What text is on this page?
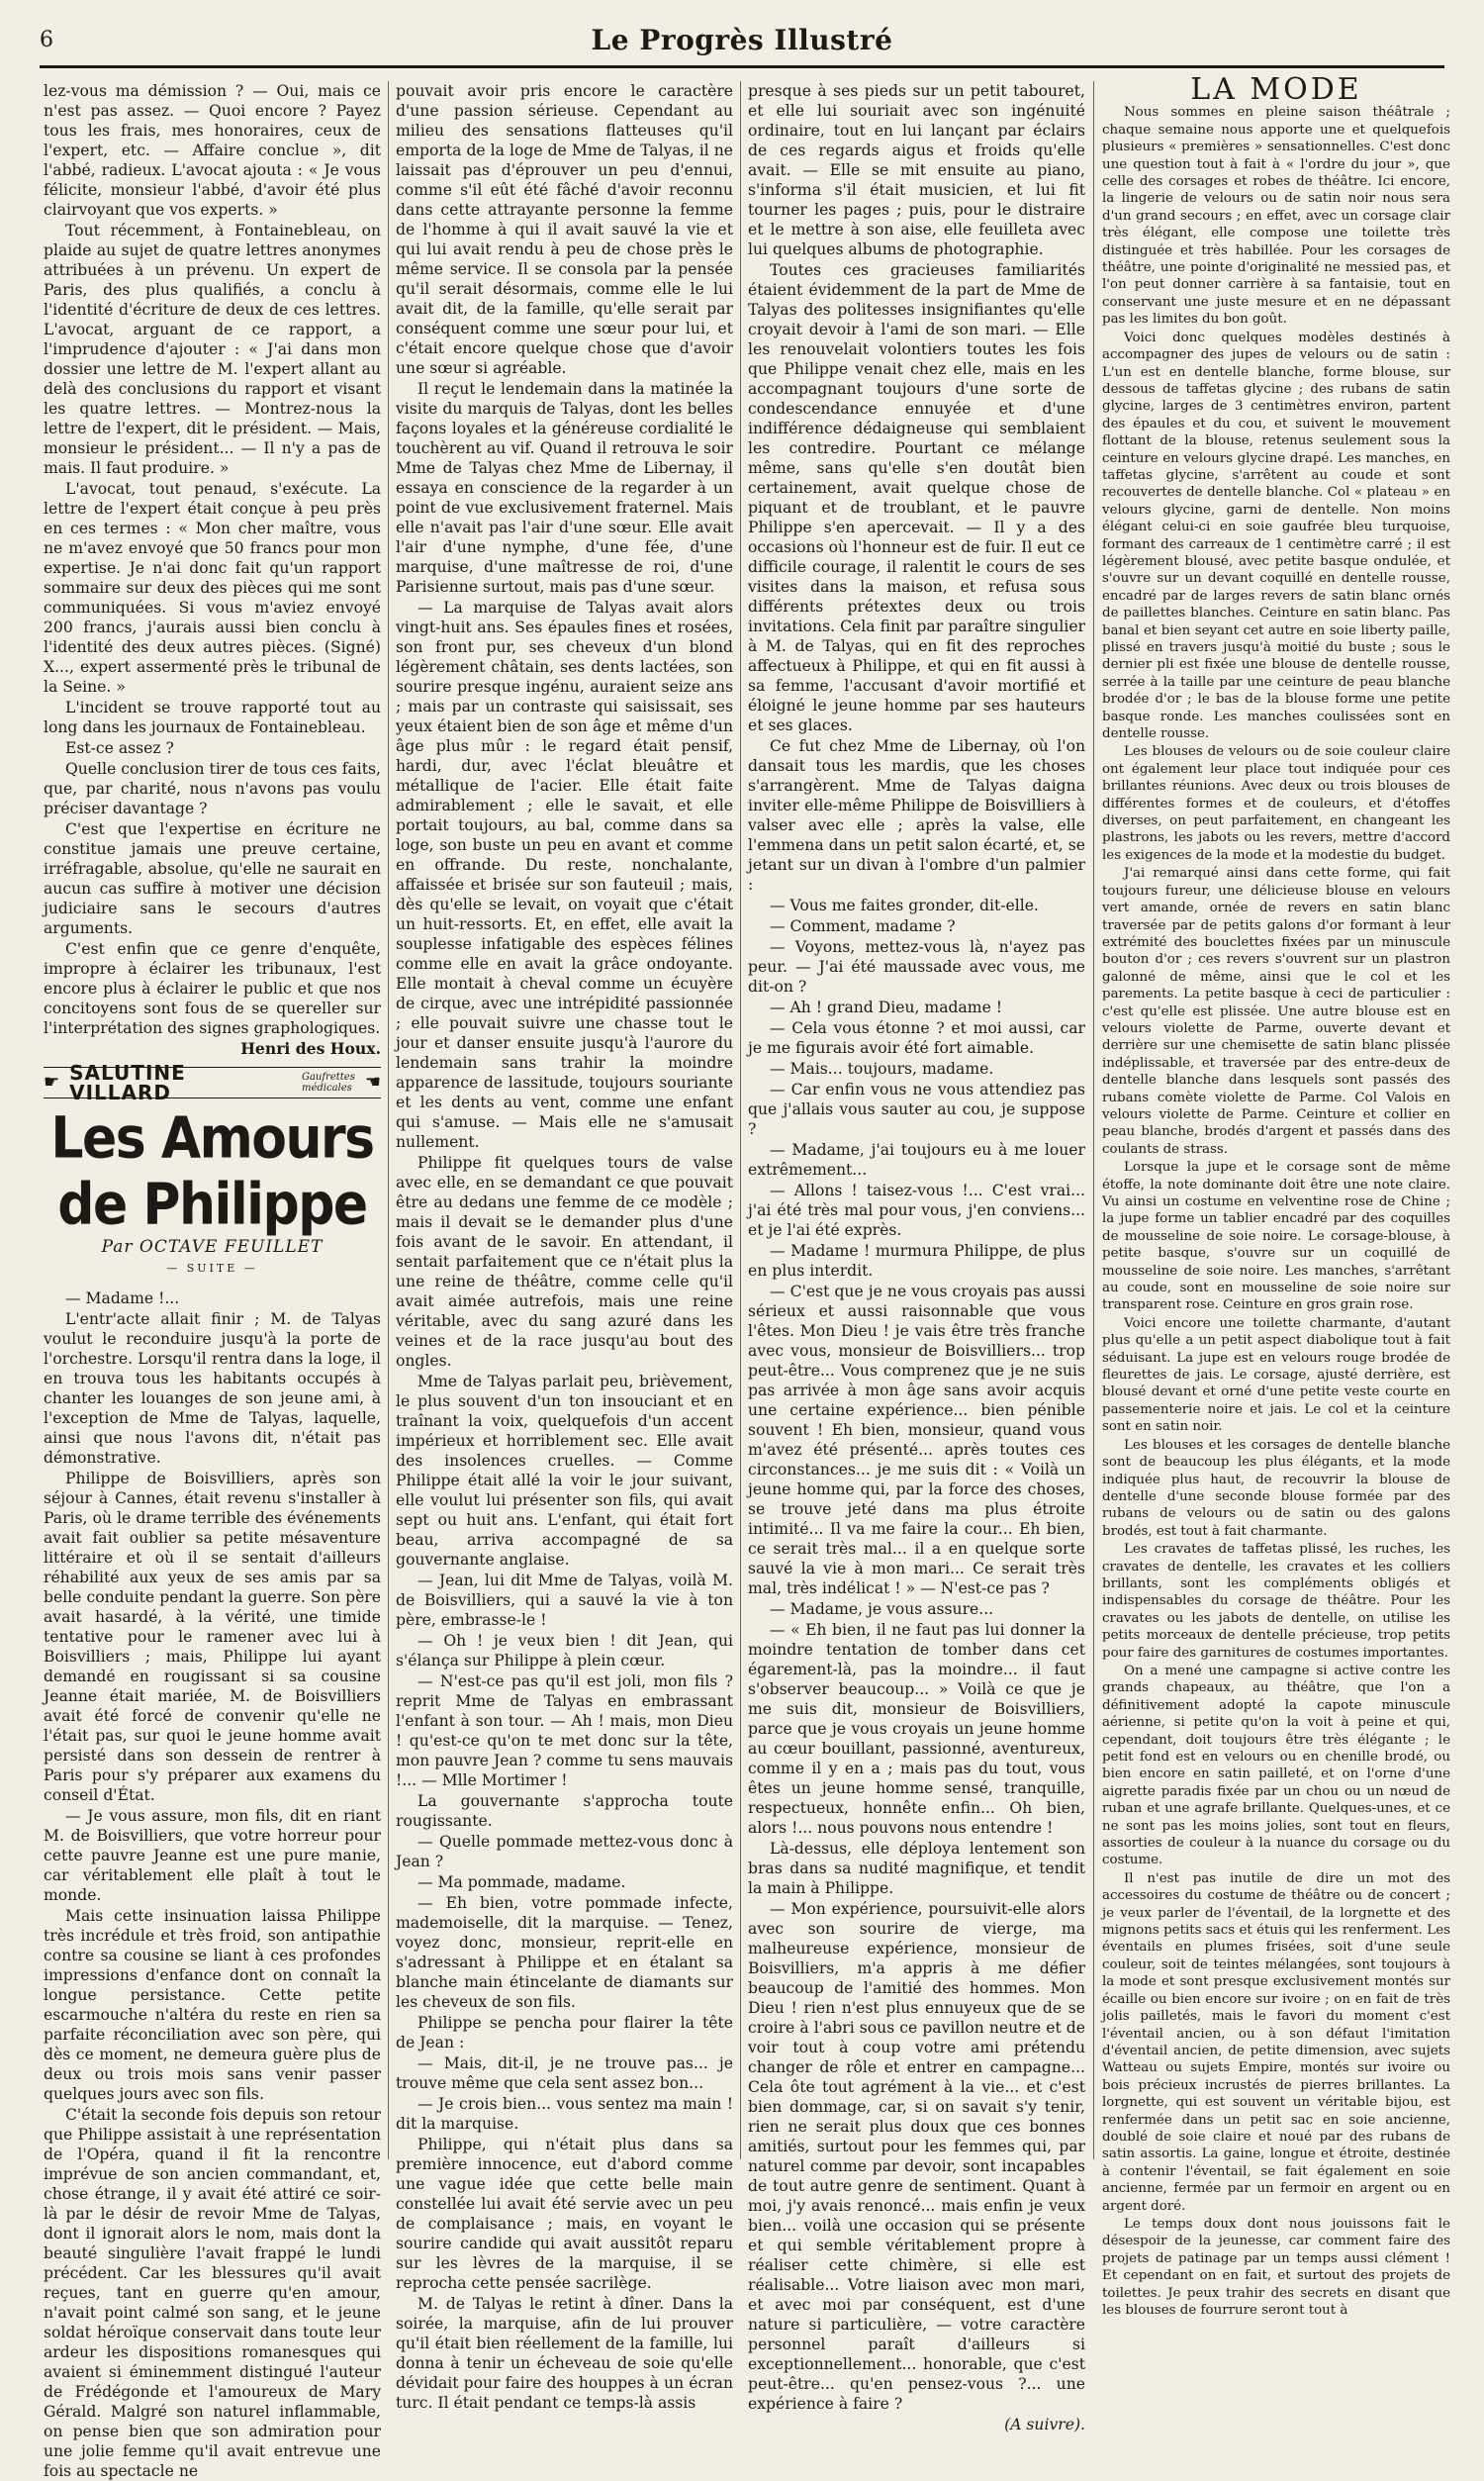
6	Le Progrès Illustré

lez-vous ma démission ? — Oui, mais ce n'est pas assez. — Quoi encore ? Payez tous les frais, mes honoraires, ceux de l'expert, etc. — Affaire conclue », dit l'abbé, radieux. L'avocat ajouta : « Je vous félicite, monsieur l'abbé, d'avoir été plus clairvoyant que vos experts. »

Tout récemment, à Fontainebleau, on plaide au sujet de quatre lettres anonymes attribuées à un prévenu. Un expert de Paris, des plus qualifiés, a conclu à l'identité d'écriture de deux de ces lettres. L'avocat, arguant de ce rapport, a l'imprudence d'ajouter : « J'ai dans mon dossier une lettre de M. l'expert allant au delà des conclusions du rapport et visant les quatre lettres. — Montrez-nous la lettre de l'expert, dit le président. — Mais, monsieur le président... — Il n'y a pas de mais. Il faut produire. »

L'avocat, tout penaud, s'exécute. La lettre de l'expert était conçue à peu près en ces termes : « Mon cher maître, vous ne m'avez envoyé que 50 francs pour mon expertise. Je n'ai donc fait qu'un rapport sommaire sur deux des pièces qui me sont communiquées. Si vous m'aviez envoyé 200 francs, j'aurais aussi bien conclu à l'identité des deux autres pièces. (Signé) X..., expert assermenté près le tribunal de la Seine. »

L'incident se trouve rapporté tout au long dans les journaux de Fontainebleau.

Est-ce assez ?

Quelle conclusion tirer de tous ces faits, que, par charité, nous n'avons pas voulu préciser davantage ?

C'est que l'expertise en écriture ne constitue jamais une preuve certaine, irréfragable, absolue, qu'elle ne saurait en aucun cas suffire à motiver une décision judiciaire sans le secours d'autres arguments.

C'est enfin que ce genre d'enquête, impropre à éclairer les tribunaux, l'est encore plus à éclairer le public et que nos concitoyens sont fous de se quereller sur l'interprétation des signes graphologiques.

Henri des Houx.

☛ SALUTINE VILLARD
Gaufrettes
médicales ☚
Les Amours de Philippe
Par OCTAVE FEUILLET
— SUITE —

— Madame !...

L'entr'acte allait finir ; M. de Talyas voulut le reconduire jusqu'à la porte de l'orchestre. Lorsqu'il rentra dans la loge, il en trouva tous les habitants occupés à chanter les louanges de son jeune ami, à l'exception de Mme de Talyas, laquelle, ainsi que nous l'avons dit, n'était pas démonstrative.

Philippe de Boisvilliers, après son séjour à Cannes, était revenu s'installer à Paris, où le drame terrible des événements avait fait oublier sa petite mésaventure littéraire et où il se sentait d'ailleurs réhabilité aux yeux de ses amis par sa belle conduite pendant la guerre. Son père avait hasardé, à la vérité, une timide tentative pour le ramener avec lui à Boisvilliers ; mais, Philippe lui ayant demandé en rougissant si sa cousine Jeanne était mariée, M. de Boisvilliers avait été forcé de convenir qu'elle ne l'était pas, sur quoi le jeune homme avait persisté dans son dessein de rentrer à Paris pour s'y préparer aux examens du conseil d'État.

— Je vous assure, mon fils, dit en riant M. de Boisvilliers, que votre horreur pour cette pauvre Jeanne est une pure manie, car véritablement elle plaît à tout le monde.

Mais cette insinuation laissa Philippe très incrédule et très froid, son antipathie contre sa cousine se liant à ces profondes impressions d'enfance dont on connaît la longue persistance. Cette petite escarmouche n'altéra du reste en rien sa parfaite réconciliation avec son père, qui dès ce moment, ne demeura guère plus de deux ou trois mois sans venir passer quelques jours avec son fils.

C'était la seconde fois depuis son retour que Philippe assistait à une représentation de l'Opéra, quand il fit la rencontre imprévue de son ancien commandant, et, chose étrange, il y avait été attiré ce soir-là par le désir de revoir Mme de Talyas, dont il ignorait alors le nom, mais dont la beauté singulière l'avait frappé le lundi précédent. Car les blessures qu'il avait reçues, tant en guerre qu'en amour, n'avait point calmé son sang, et le jeune soldat héroïque conservait dans toute leur ardeur les dispositions romanesques qui avaient si éminemment distingué l'auteur de Frédégonde et l'amoureux de Mary Gérald. Malgré son naturel inflammable, on pense bien que son admiration pour une jolie femme qu'il avait entrevue une fois au spectacle ne

pouvait avoir pris encore le caractère d'une passion sérieuse. Cependant au milieu des sensations flatteuses qu'il emporta de la loge de Mme de Talyas, il ne laissait pas d'éprouver un peu d'ennui, comme s'il eût été fâché d'avoir reconnu dans cette attrayante personne la femme de l'homme à qui il avait sauvé la vie et qui lui avait rendu à peu de chose près le même service. Il se consola par la pensée qu'il serait désormais, comme elle le lui avait dit, de la famille, qu'elle serait par conséquent comme une sœur pour lui, et c'était encore quelque chose que d'avoir une sœur si agréable.

Il reçut le lendemain dans la matinée la visite du marquis de Talyas, dont les belles façons loyales et la généreuse cordialité le touchèrent au vif. Quand il retrouva le soir Mme de Talyas chez Mme de Libernay, il essaya en conscience de la regarder à un point de vue exclusivement fraternel. Mais elle n'avait pas l'air d'une sœur. Elle avait l'air d'une nymphe, d'une fée, d'une marquise, d'une maîtresse de roi, d'une Parisienne surtout, mais pas d'une sœur.

— La marquise de Talyas avait alors vingt-huit ans. Ses épaules fines et rosées, son front pur, ses cheveux d'un blond légèrement châtain, ses dents lactées, son sourire presque ingénu, auraient seize ans ; mais par un contraste qui saisissait, ses yeux étaient bien de son âge et même d'un âge plus mûr : le regard était pensif, hardi, dur, avec l'éclat bleuâtre et métallique de l'acier. Elle était faite admirablement ; elle le savait, et elle portait toujours, au bal, comme dans sa loge, son buste un peu en avant et comme en offrande. Du reste, nonchalante, affaissée et brisée sur son fauteuil ; mais, dès qu'elle se levait, on voyait que c'était un huit-ressorts. Et, en effet, elle avait la souplesse infatigable des espèces félines comme elle en avait la grâce ondoyante. Elle montait à cheval comme un écuyère de cirque, avec une intrépidité passionnée ; elle pouvait suivre une chasse tout le jour et danser ensuite jusqu'à l'aurore du lendemain sans trahir la moindre apparence de lassitude, toujours souriante et les dents au vent, comme une enfant qui s'amuse. — Mais elle ne s'amusait nullement.

Philippe fit quelques tours de valse avec elle, en se demandant ce que pouvait être au dedans une femme de ce modèle ; mais il devait se le demander plus d'une fois avant de le savoir. En attendant, il sentait parfaitement que ce n'était plus la une reine de théâtre, comme celle qu'il avait aimée autrefois, mais une reine véritable, avec du sang azuré dans les veines et de la race jusqu'au bout des ongles.

Mme de Talyas parlait peu, brièvement, le plus souvent d'un ton insouciant et en traînant la voix, quelquefois d'un accent impérieux et horriblement sec. Elle avait des insolences cruelles. — Comme Philippe était allé la voir le jour suivant, elle voulut lui présenter son fils, qui avait sept ou huit ans. L'enfant, qui était fort beau, arriva accompagné de sa gouvernante anglaise.

— Jean, lui dit Mme de Talyas, voilà M. de Boisvilliers, qui a sauvé la vie à ton père, embrasse-le !

— Oh ! je veux bien ! dit Jean, qui s'élança sur Philippe à plein cœur.

— N'est-ce pas qu'il est joli, mon fils ? reprit Mme de Talyas en embrassant l'enfant à son tour. — Ah ! mais, mon Dieu ! qu'est-ce qu'on te met donc sur la tête, mon pauvre Jean ? comme tu sens mauvais !... — Mlle Mortimer !

La gouvernante s'approcha toute rougissante.

— Quelle pommade mettez-vous donc à Jean ?

— Ma pommade, madame.

— Eh bien, votre pommade infecte, mademoiselle, dit la marquise. — Tenez, voyez donc, monsieur, reprit-elle en s'adressant à Philippe et en étalant sa blanche main étincelante de diamants sur les cheveux de son fils.

Philippe se pencha pour flairer la tête de Jean :

— Mais, dit-il, je ne trouve pas... je trouve même que cela sent assez bon...

— Je crois bien... vous sentez ma main ! dit la marquise.

Philippe, qui n'était plus dans sa première innocence, eut d'abord comme une vague idée que cette belle main constellée lui avait été servie avec un peu de complaisance ; mais, en voyant le sourire candide qui avait aussitôt reparu sur les lèvres de la marquise, il se reprocha cette pensée sacrilège.

M. de Talyas le retint à dîner. Dans la soirée, la marquise, afin de lui prouver qu'il était bien réellement de la famille, lui donna à tenir un écheveau de soie qu'elle dévidait pour faire des houppes à un écran turc. Il était pendant ce temps-là assis

presque à ses pieds sur un petit tabouret, et elle lui souriait avec son ingénuité ordinaire, tout en lui lançant par éclairs de ces regards aigus et froids qu'elle avait. — Elle se mit ensuite au piano, s'informa s'il était musicien, et lui fit tourner les pages ; puis, pour le distraire et le mettre à son aise, elle feuilleta avec lui quelques albums de photographie.

Toutes ces gracieuses familiarités étaient évidemment de la part de Mme de Talyas des politesses insignifiantes qu'elle croyait devoir à l'ami de son mari. — Elle les renouvelait volontiers toutes les fois que Philippe venait chez elle, mais en les accompagnant toujours d'une sorte de condescendance ennuyée et d'une indifférence dédaigneuse qui semblaient les contredire. Pourtant ce mélange même, sans qu'elle s'en doutât bien certainement, avait quelque chose de piquant et de troublant, et le pauvre Philippe s'en apercevait. — Il y a des occasions où l'honneur est de fuir. Il eut ce difficile courage, il ralentit le cours de ses visites dans la maison, et refusa sous différents prétextes deux ou trois invitations. Cela finit par paraître singulier à M. de Talyas, qui en fit des reproches affectueux à Philippe, et qui en fit aussi à sa femme, l'accusant d'avoir mortifié et éloigné le jeune homme par ses hauteurs et ses glaces.

Ce fut chez Mme de Libernay, où l'on dansait tous les mardis, que les choses s'arrangèrent. Mme de Talyas daigna inviter elle-même Philippe de Boisvilliers à valser avec elle ; après la valse, elle l'emmena dans un petit salon écarté, et, se jetant sur un divan à l'ombre d'un palmier :

— Vous me faites gronder, dit-elle.

— Comment, madame ?

— Voyons, mettez-vous là, n'ayez pas peur. — J'ai été maussade avec vous, me dit-on ?

— Ah ! grand Dieu, madame !

— Cela vous étonne ? et moi aussi, car je me figurais avoir été fort aimable.

— Mais... toujours, madame.

— Car enfin vous ne vous attendiez pas que j'allais vous sauter au cou, je suppose ?

— Madame, j'ai toujours eu à me louer extrêmement...

— Allons ! taisez-vous !... C'est vrai... j'ai été très mal pour vous, j'en conviens... et je l'ai été exprès.

— Madame ! murmura Philippe, de plus en plus interdit.

— C'est que je ne vous croyais pas aussi sérieux et aussi raisonnable que vous l'êtes. Mon Dieu ! je vais être très franche avec vous, monsieur de Boisvilliers... trop peut-être... Vous comprenez que je ne suis pas arrivée à mon âge sans avoir acquis une certaine expérience... bien pénible souvent ! Eh bien, monsieur, quand vous m'avez été présenté... après toutes ces circonstances... je me suis dit : « Voilà un jeune homme qui, par la force des choses, se trouve jeté dans ma plus étroite intimité... Il va me faire la cour... Eh bien, ce serait très mal... il a en quelque sorte sauvé la vie à mon mari... Ce serait très mal, très indélicat ! » — N'est-ce pas ?

— Madame, je vous assure...

— « Eh bien, il ne faut pas lui donner la moindre tentation de tomber dans cet égarement-là, pas la moindre... il faut s'observer beaucoup... » Voilà ce que je me suis dit, monsieur de Boisvilliers, parce que je vous croyais un jeune homme au cœur bouillant, passionné, aventureux, comme il y en a ; mais pas du tout, vous êtes un jeune homme sensé, tranquille, respectueux, honnête enfin... Oh bien, alors !... nous pouvons nous entendre !

Là-dessus, elle déploya lentement son bras dans sa nudité magnifique, et tendit la main à Philippe.

— Mon expérience, poursuivit-elle alors avec son sourire de vierge, ma malheureuse expérience, monsieur de Boisvilliers, m'a appris à me défier beaucoup de l'amitié des hommes. Mon Dieu ! rien n'est plus ennuyeux que de se croire à l'abri sous ce pavillon neutre et de voir tout à coup votre ami prétendu changer de rôle et entrer en campagne... Cela ôte tout agrément à la vie... et c'est bien dommage, car, si on savait s'y tenir, rien ne serait plus doux que ces bonnes amitiés, surtout pour les femmes qui, par naturel comme par devoir, sont incapables de tout autre genre de sentiment. Quant à moi, j'y avais renoncé... mais enfin je veux bien... voilà une occasion qui se présente et qui semble véritablement propre à réaliser cette chimère, si elle est réalisable... Votre liaison avec mon mari, et avec moi par conséquent, est d'une nature si particulière, — votre caractère personnel paraît d'ailleurs si exceptionnellement... honorable, que c'est peut-être... qu'en pensez-vous ?... une expérience à faire ?

(A suivre).

LA MODE

Nous sommes en pleine saison théâtrale ; chaque semaine nous apporte une et quelquefois plusieurs « premières » sensationnelles. C'est donc une question tout à fait à « l'ordre du jour », que celle des corsages et robes de théâtre. Ici encore, la lingerie de velours ou de satin noir nous sera d'un grand secours ; en effet, avec un corsage clair très élégant, elle compose une toilette très distinguée et très habillée. Pour les corsages de théâtre, une pointe d'originalité ne messied pas, et l'on peut donner carrière à sa fantaisie, tout en conservant une juste mesure et en ne dépassant pas les limites du bon goût.

Voici donc quelques modèles destinés à accompagner des jupes de velours ou de satin : L'un est en dentelle blanche, forme blouse, sur dessous de taffetas glycine ; des rubans de satin glycine, larges de 3 centimètres environ, partent des épaules et du cou, et suivent le mouvement flottant de la blouse, retenus seulement sous la ceinture en velours glycine drapé. Les manches, en taffetas glycine, s'arrêtent au coude et sont recouvertes de dentelle blanche. Col « plateau » en velours glycine, garni de dentelle. Non moins élégant celui-ci en soie gaufrée bleu turquoise, formant des carreaux de 1 centimètre carré ; il est légèrement blousé, avec petite basque ondulée, et s'ouvre sur un devant coquillé en dentelle rousse, encadré par de larges revers de satin blanc ornés de paillettes blanches. Ceinture en satin blanc. Pas banal et bien seyant cet autre en soie liberty paille, plissé en travers jusqu'à moitié du buste ; sous le dernier pli est fixée une blouse de dentelle rousse, serrée à la taille par une ceinture de peau blanche brodée d'or ; le bas de la blouse forme une petite basque ronde. Les manches coulissées sont en dentelle rousse.

Les blouses de velours ou de soie couleur claire ont également leur place tout indiquée pour ces brillantes réunions. Avec deux ou trois blouses de différentes formes et de couleurs, et d'étoffes diverses, on peut parfaitement, en changeant les plastrons, les jabots ou les revers, mettre d'accord les exigences de la mode et la modestie du budget.

J'ai remarqué ainsi dans cette forme, qui fait toujours fureur, une délicieuse blouse en velours vert amande, ornée de revers en satin blanc traversée par de petits galons d'or formant à leur extrémité des bouclettes fixées par un minuscule bouton d'or ; ces revers s'ouvrent sur un plastron galonné de même, ainsi que le col et les parements. La petite basque à ceci de particulier : c'est qu'elle est plissée. Une autre blouse est en velours violette de Parme, ouverte devant et derrière sur une chemisette de satin blanc plissée indéplissable, et traversée par des entre-deux de dentelle blanche dans lesquels sont passés des rubans comète violette de Parme. Col Valois en velours violette de Parme. Ceinture et collier en peau blanche, brodés d'argent et passés dans des coulants de strass.

Lorsque la jupe et le corsage sont de même étoffe, la note dominante doit être une note claire. Vu ainsi un costume en velventine rose de Chine ; la jupe forme un tablier encadré par des coquilles de mousseline de soie noire. Le corsage-blouse, à petite basque, s'ouvre sur un coquillé de mousseline de soie noire. Les manches, s'arrêtant au coude, sont en mousseline de soie noire sur transparent rose. Ceinture en gros grain rose.

Voici encore une toilette charmante, d'autant plus qu'elle a un petit aspect diabolique tout à fait séduisant. La jupe est en velours rouge brodée de fleurettes de jais. Le corsage, ajusté derrière, est blousé devant et orné d'une petite veste courte en passementerie noire et jais. Le col et la ceinture sont en satin noir.

Les blouses et les corsages de dentelle blanche sont de beaucoup les plus élégants, et la mode indiquée plus haut, de recouvrir la blouse de dentelle d'une seconde blouse formée par des rubans de velours ou de satin ou des galons brodés, est tout à fait charmante.

Les cravates de taffetas plissé, les ruches, les cravates de dentelle, les cravates et les colliers brillants, sont les compléments obligés et indispensables du corsage de théâtre. Pour les cravates ou les jabots de dentelle, on utilise les petits morceaux de dentelle précieuse, trop petits pour faire des garnitures de costumes importantes.

On a mené une campagne si active contre les grands chapeaux, au théâtre, que l'on a définitivement adopté la capote minuscule aérienne, si petite qu'on la voit à peine et qui, cependant, doit toujours être très élégante ; le petit fond est en velours ou en chenille brodé, ou bien encore en satin pailleté, et on l'orne d'une aigrette paradis fixée par un chou ou un nœud de ruban et une agrafe brillante. Quelques-unes, et ce ne sont pas les moins jolies, sont tout en fleurs, assorties de couleur à la nuance du corsage ou du costume.

Il n'est pas inutile de dire un mot des accessoires du costume de théâtre ou de concert ; je veux parler de l'éventail, de la lorgnette et des mignons petits sacs et étuis qui les renferment. Les éventails en plumes frisées, soit d'une seule couleur, soit de teintes mélangées, sont toujours à la mode et sont presque exclusivement montés sur écaille ou bien encore sur ivoire ; on en fait de très jolis pailletés, mais le favori du moment c'est l'éventail ancien, ou à son défaut l'imitation d'éventail ancien, de petite dimension, avec sujets Watteau ou sujets Empire, montés sur ivoire ou bois précieux incrustés de pierres brillantes. La lorgnette, qui est souvent un véritable bijou, est renfermée dans un petit sac en soie ancienne, doublé de soie claire et noué par des rubans de satin assortis. La gaine, longue et étroite, destinée à contenir l'éventail, se fait également en soie ancienne, fermée par un fermoir en argent ou en argent doré.

Le temps doux dont nous jouissons fait le désespoir de la jeunesse, car comment faire des projets de patinage par un temps aussi clément ! Et cependant on en fait, et surtout des projets de toilettes. Je peux trahir des secrets en disant que les blouses de fourrure seront tout à
